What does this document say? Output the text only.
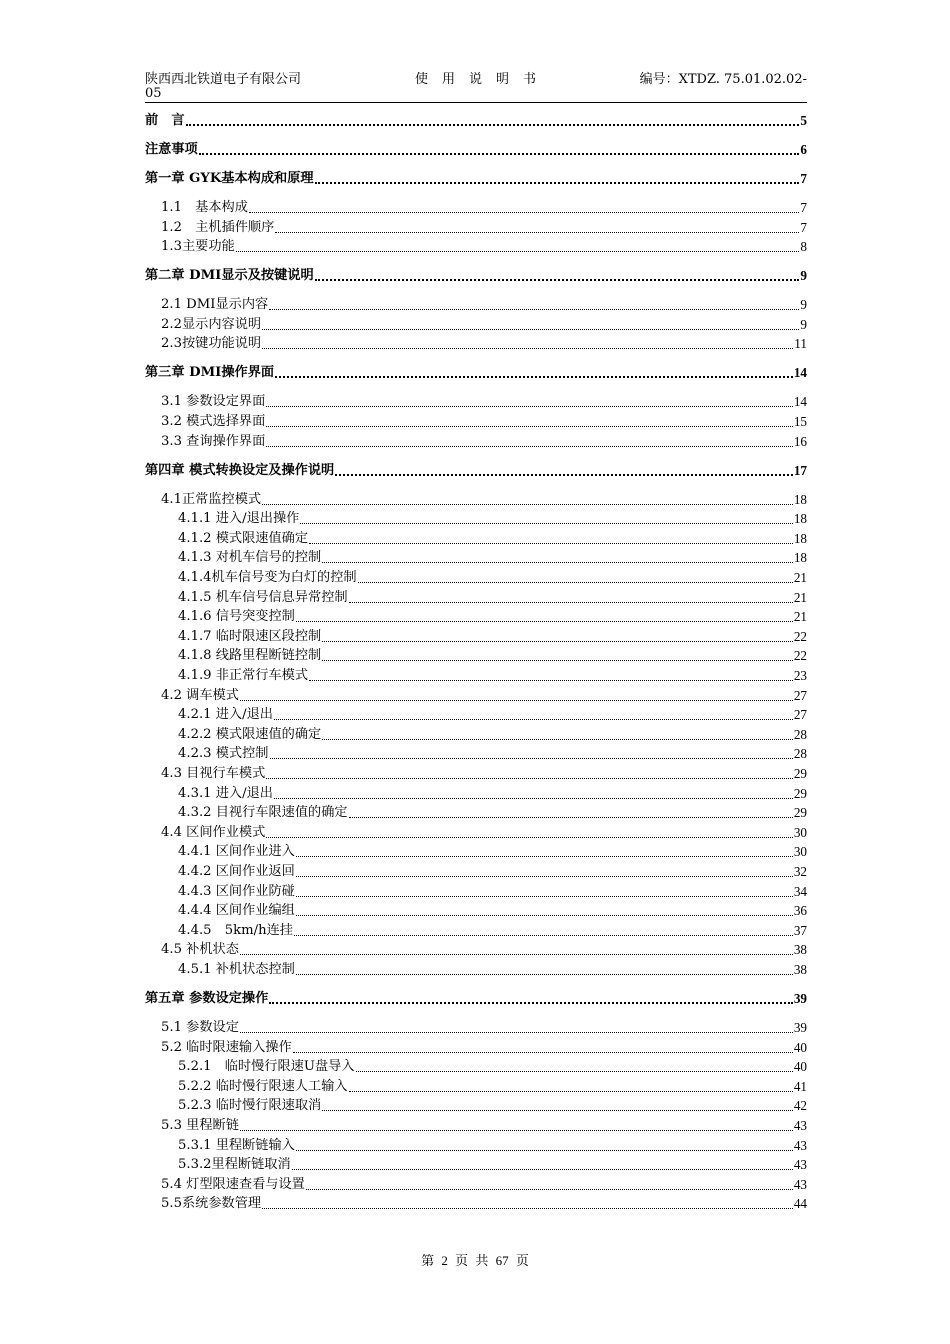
陕西西北铁道电子有限公司	使用说明书	编号：XTDZ. 75.01.02.02-
05
前　言	5
注意事项	6
第一章 GYK基本构成和原理	7
1.1　基本构成	7
1.2　主机插件顺序	7
1.3主要功能	8
第二章 DMI显示及按键说明	9
2.1 DMI显示内容	9
2.2显示内容说明	9
2.3按键功能说明	11
第三章 DMI操作界面	14
3.1 参数设定界面	14
3.2 模式选择界面	15
3.3 查询操作界面	16
第四章 模式转换设定及操作说明	17
4.1正常监控模式	18
4.1.1 进入/退出操作	18
4.1.2 模式限速值确定	18
4.1.3 对机车信号的控制	18
4.1.4机车信号变为白灯的控制	21
4.1.5 机车信号信息异常控制	21
4.1.6 信号突变控制	21
4.1.7 临时限速区段控制	22
4.1.8 线路里程断链控制	22
4.1.9 非正常行车模式	23
4.2 调车模式	27
4.2.1 进入/退出	27
4.2.2 模式限速值的确定	28
4.2.3 模式控制	28
4.3 目视行车模式	29
4.3.1 进入/退出	29
4.3.2 目视行车限速值的确定	29
4.4 区间作业模式	30
4.4.1 区间作业进入	30
4.4.2 区间作业返回	32
4.4.3 区间作业防碰	34
4.4.4 区间作业编组	36
4.4.5　5km/h连挂	37
4.5 补机状态	38
4.5.1 补机状态控制	38
第五章 参数设定操作	39
5.1 参数设定	39
5.2 临时限速输入操作	40
5.2.1　临时慢行限速U盘导入	40
5.2.2 临时慢行限速人工输入	41
5.2.3 临时慢行限速取消	42
5.3 里程断链	43
5.3.1 里程断链输入	43
5.3.2里程断链取消	43
5.4 灯型限速查看与设置	43
5.5系统参数管理	44
第 2 页 共 67 页
